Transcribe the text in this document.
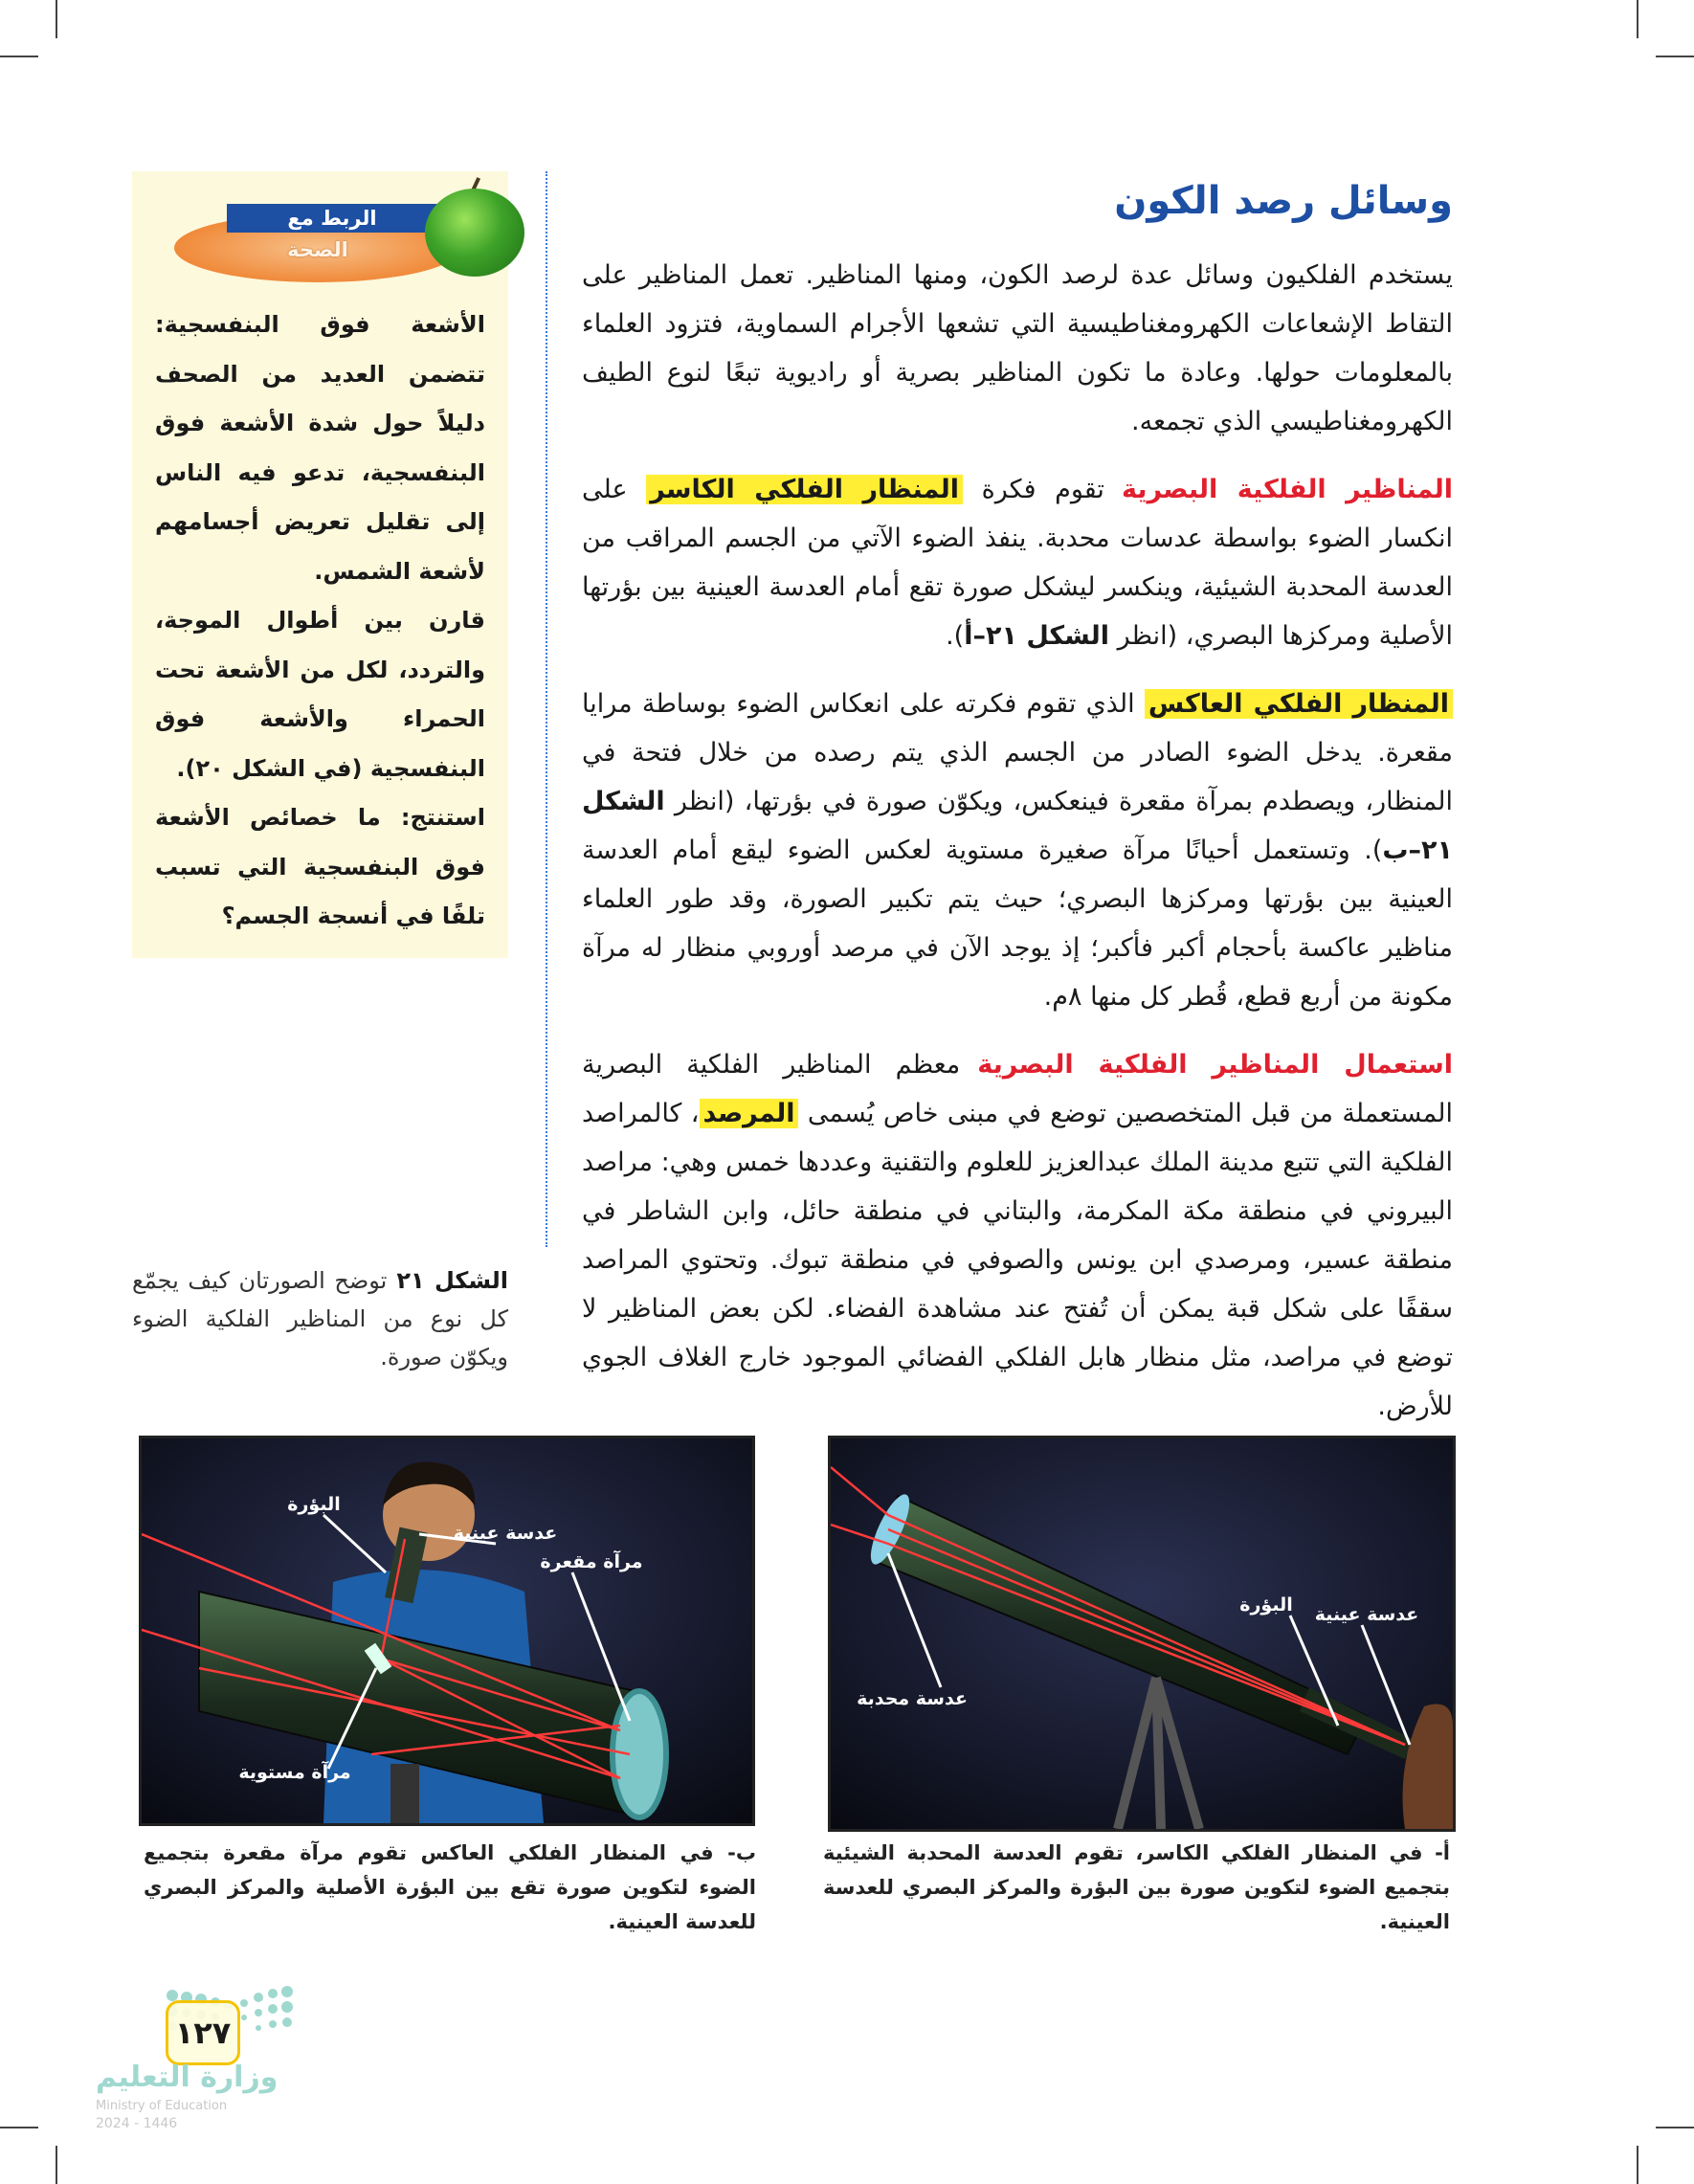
الربط مع
الصحة

الأشعة فوق البنفسجية: تتضمن العديد من الصحف دليلاً حول شدة الأشعة فوق البنفسجية، تدعو فيه الناس إلى تقليل تعريض أجسامهم لأشعة الشمس.

قارن بين أطوال الموجة، والتردد، لكل من الأشعة تحت الحمراء والأشعة فوق البنفسجية (في الشكل ٢٠).

استنتج: ما خصائص الأشعة فوق البنفسجية التي تسبب تلفًا في أنسجة الجسم؟

وسائل رصد الكون

يستخدم الفلكيون وسائل عدة لرصد الكون، ومنها المناظير. تعمل المناظير على التقاط الإشعاعات الكهرومغناطيسية التي تشعها الأجرام السماوية، فتزود العلماء بالمعلومات حولها. وعادة ما تكون المناظير بصرية أو راديوية تبعًا لنوع الطيف الكهرومغناطيسي الذي تجمعه.

المناظير الفلكية البصريةتقوم فكرة المنظار الفلكي الكاسر على انكسار الضوء بواسطة عدسات محدبة. ينفذ الضوء الآتي من الجسم المراقب من العدسة المحدبة الشيئية، وينكسر ليشكل صورة تقع أمام العدسة العينية بين بؤرتها الأصلية ومركزها البصري، (انظر الشكل ٢١–أ).

المنظار الفلكي العاكس الذي تقوم فكرته على انعكاس الضوء بوساطة مرايا مقعرة. يدخل الضوء الصادر من الجسم الذي يتم رصده من خلال فتحة في المنظار، ويصطدم بمرآة مقعرة فينعكس، ويكوّن صورة في بؤرتها، (انظر الشكل ٢١–ب). وتستعمل أحيانًا مرآة صغيرة مستوية لعكس الضوء ليقع أمام العدسة العينية بين بؤرتها ومركزها البصري؛ حيث يتم تكبير الصورة، وقد طور العلماء مناظير عاكسة بأحجام أكبر فأكبر؛ إذ يوجد الآن في مرصد أوروبي منظار له مرآة مكونة من أربع قطع، قُطر كل منها ٨م.

استعمال المناظير الفلكية البصريةمعظم المناظير الفلكية البصرية المستعملة من قبل المتخصصين توضع في مبنى خاص يُسمى المرصد، كالمراصد الفلكية التي تتبع مدينة الملك عبدالعزيز للعلوم والتقنية وعددها خمس وهي: مراصد البيروني في منطقة مكة المكرمة، والبتاني في منطقة حائل، وابن الشاطر في منطقة عسير، ومرصدي ابن يونس والصوفي في منطقة تبوك. وتحتوي المراصد سقفًا على شكل قبة يمكن أن تُفتح عند مشاهدة الفضاء. لكن بعض المناظير لا توضع في مراصد، مثل منظار هابل الفلكي الفضائي الموجود خارج الغلاف الجوي للأرض.

الشكل ٢١توضح الصورتان كيف يجمّع كل نوع من المناظير الفلكية الضوء ويكوّن صورة.
البؤرة
عدسة عينية
مرآة مقعرة
مرآة مستوية
عدسة محدبة
البؤرة عدسة عينية
ب- في المنظار الفلكي العاكس تقوم مرآة مقعرة بتجميع الضوء لتكوين صورة تقع بين البؤرة الأصلية والمركز البصري للعدسة العينية.
أ- في المنظار الفلكي الكاسر، تقوم العدسة المحدبة الشيئية بتجميع الضوء لتكوين صورة بين البؤرة والمركز البصري للعدسة العينية.
١٢٧
وزارة التعليم
Ministry of Education
2024 - 1446
